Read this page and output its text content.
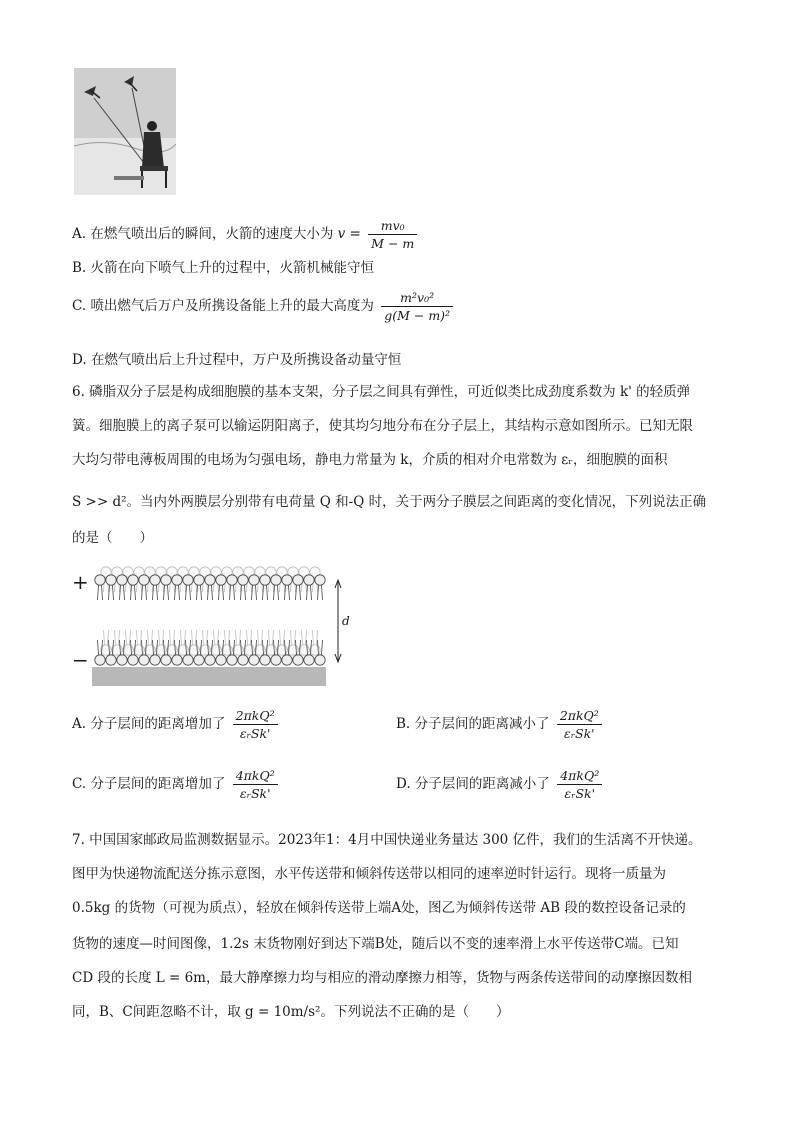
A. 在燃气喷出后的瞬间，火箭的速度大小为 $v = \frac{\text{mv₀}}{M - m}$
B. 火箭在向下喷气上升的过程中，火箭机械能守恒
C. 喷出燃气后万户及所携设备能上升的最大高度为 $\frac{\text{m²v₀²}}{\text{g(M − m)²}}$
D. 在燃气喷出后上升过程中，万户及所携设备动量守恒
6. 磷脂双分子层是构成细胞膜的基本支架，分子层之间具有弹性，可近似类比成劲度系数为 k' 的轻质弹
簧。细胞膜上的离子泵可以输运阴阳离子，使其均匀地分布在分子层上，其结构示意如图所示。已知无限
大均匀带电薄板周围的电场为匀强电场，静电力常量为 k，介质的相对介电常数为 εᵣ，细胞膜的面积
S >> d²。当内外两膜层分别带有电荷量 Q 和-Q 时，关于两分子膜层之间距离的变化情况，下列说法正确
的是（　　）
+
−
d
A. 分子层间的距离增加了 $\frac{\text{2πkQ²}}{\text{εᵣSk'}}$	B. 分子层间的距离减小了 $\frac{\text{2πkQ²}}{\text{εᵣSk'}}$
C. 分子层间的距离增加了 $\frac{\text{4πkQ²}}{\text{εᵣSk'}}$	D. 分子层间的距离减小了 $\frac{\text{4πkQ²}}{\text{εᵣSk'}}$
7. 中国国家邮政局监测数据显示。2023年1：4月中国快递业务量达 300 亿件，我们的生活离不开快递。
图甲为快递物流配送分拣示意图，水平传送带和倾斜传送带以相同的速率逆时针运行。现将一质量为
0.5kg 的货物（可视为质点），轻放在倾斜传送带上端A处，图乙为倾斜传送带 AB 段的数控设备记录的
货物的速度—时间图像，1.2s 末货物刚好到达下端B处，随后以不变的速率滑上水平传送带C端。已知
CD 段的长度 L = 6m，最大静摩擦力均与相应的滑动摩擦力相等，货物与两条传送带间的动摩擦因数相
同，B、C间距忽略不计，取 g = 10m/s²。下列说法不正确的是（　　）
